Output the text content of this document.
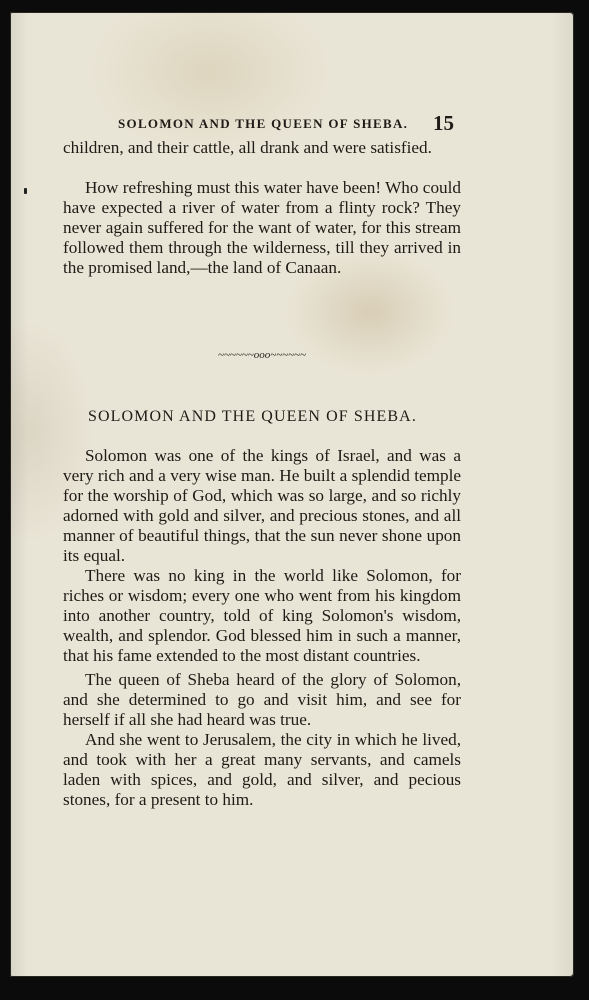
SOLOMON AND THE QUEEN OF SHEBA. 15

children, and their cattle, all drank and were satisfied.

How refreshing must this water have been! Who could have expected a river of water from a flinty rock? They never again suffered for the want of water, for this stream followed them through the wilderness, till they arrived in the promised land,—the land of Canaan.

~~~~~~ooo~~~~~~
SOLOMON AND THE QUEEN OF SHEBA.

Solomon was one of the kings of Israel, and was a very rich and a very wise man. He built a splendid temple for the worship of God, which was so large, and so richly adorned with gold and silver, and precious stones, and all manner of beautiful things, that the sun never shone upon its equal.

There was no king in the world like Solomon, for riches or wisdom; every one who went from his kingdom into another country, told of king Solomon's wisdom, wealth, and splendor. God blessed him in such a manner, that his fame extended to the most distant countries.

The queen of Sheba heard of the glory of Solomon, and she determined to go and visit him, and see for herself if all she had heard was true.

And she went to Jerusalem, the city in which he lived, and took with her a great many servants, and camels laden with spices, and gold, and silver, and pecious stones, for a present to him.
